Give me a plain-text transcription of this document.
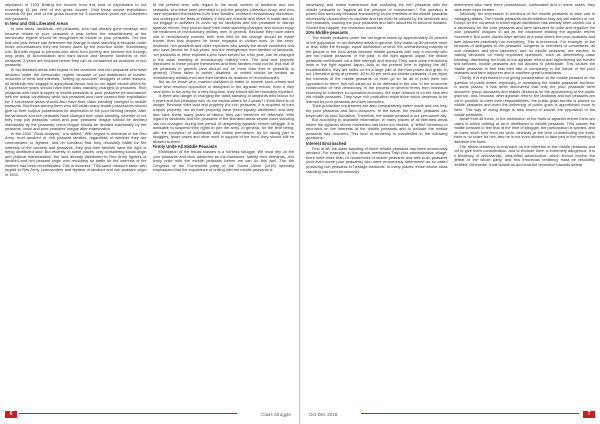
stipulation in 1933 limiting the income from this kind of exploitation to not exceeding 15 per cent of the gross income. Only those whose exploitation exceeds 25 per cent of the gross income for 3 successive years are considered rich peasants.

In New and Old Liberated Areas

In new areas, landlords, rich peasants, who had already gone bankrupt and become middle or poor peasants a year before the establishment of the democratic regime should be recognized as middle or poor peasants. The fact that one year before can determine the change in class standing is because under those circumstances they are forced down by the extortion under Kuomintang rule. But with regard to persons who climb from poverty and become rich through long years of accumulation and hard labour and become landlords or rich peasants, 3 years are required before they can be considered as landlords or rich peasants.

In old liberated areas with regard to the landlords and rich peasants who have declined under the democratic regime because of just distribution of burden, reduction of rents and interests, "setting up accounts" struggles or other reasons, all landlords who engage in agricultural labour and do not again exploit others for 5 successive years should have their class standing changed to peasants. Rich peasants who have dropped to middle-peasants or poor peasants (in accordance with the actual conditions) while rich peasants who have ceased their exploitation for 3 successive years should also have their class standing changed to middle peasants. But those among them who still retain many feudal possessions should give up their surplus possessions for distribution to the poor farming people. After the landlords and rich peasants have changed their class standing, whether or not they may join peasants' union and poor peasants' league should be decided individually by the peasants' union league should be decided individually by the peasants' union and poor peasants' league after examination.

In the 1933 "Class Analysis," it is stated: "With regard to elements in the Red Army, front landlord or rich peasant families, regardless of whether they are commanders or fighters, and on condition that they resolutely battle for the interests of the workers and peasants, they and their families have the right of being distributed land. But recently, in some places, only considering social origin and political manifestation, the land already distributed to Red Army fighters of landlord and rich peasant origin who resolutely do battle for the interests of the workers had been reconfiscated. This is incorrect." This same measure taken with regard to Red Army commanders and fighters of landlord and rich peasant origin in 1933.

At the present time, with regard to the small number of landlords and rich peasants, who have been permitted to join the peoples Liberation Army, and who have separated themselves from their families, received revolutionary education, and undergone the tests of battles: if they are resolute and brave in battle and do not engage in activities to cover up for landlords and rich peasants or disrupt agrarian reform, they should have their class standing changed, and should enjoy the treatment of revolutionary military men in general. Because they have taken part in revolutionary combat, their time limit for the change should be made shorter than that required for those engaged in civilian work. In the army, landlords, rich peasants and other exploiters who satisfy the above conditions and who have served for 3 full years, and the intelligentsia from families of landlords, rich peasants or other exploiters who have served for a full year, can be changed to the class standing of revolutionary military men. The land and property distributed to these people themselves and their families must not be less that of the peasants in general (and should not be more than that of peasants in general). Those fallen in action, disabled, or retired should be treated as revolutionary military men and their families as relatives of revolutionaries.

But as for those who, married via/taken in battle or commit such crimes and those who resorted opposition or disruption in the agrarian reform, even if they have been in the army for a very long time, they should still be resolutely expelled.

Is there any danger in changing the class standing of landlords who labour for 5 years and rich peasants who do not exploit others for 3 years? I think there is no danger. Because their land and property (for rich peasants, it is required of their surplus property, not all their property) have been equally distributed, and they also have these many years of labour, they can therefore be reformed. With regard to landlords and rich peasants in the liberated areas whose class standing has not changed, during this period of deepening agrarian reform struggle, it is advisable to suspend their rights to join the army. In general, for the time being, with the exception of individuals who obtain permission. As for taking part in struggles, fewer cases and other work in support of the front, they should still be allowed to them.

Firmly Unite All Middle Peasants

Elimination of the feudal classes is a ruthless struggle. We must rely on the poor peasants and farm labourers as the backbone, satisfy their demands, and firmly unite with the middle peasants before we can do this well. The 6th Congress of the Communist party of the Soviet Union (1919) specially emphasized that the importance of uniting with the middle peasants is

6	Class Struggle

necessary, and stated furthermore that confusing the rich peasants with the middle peasants is "against all the principle of communism." The question is posed thus seriously because encroaching on the interests of the middle peasants necessarily causes them to vacillate and can even be utilized by the landlords and rich peasants, causing the poor peasants and farm labourers to become isolated. Should this happen, the revolution would fail.

20% Middle peasants

The middle peasants under the old regime made up approximately 20 percent of the population. In old liberated areas in general, they made up 50 percent more or less. After the through, equal distribution of land, the overwhelming majority of the people in the rural areas become middle peasants with only a minority who are not middle peasants. In the past, in the fight against Japan, the middle peasants contributed not a little strength and money. They have done meritorious work in the fight against Japan. Also at the present time in fighting the 867 troublemakers, they are relied on for a large part of the man-power and grain. In our Liberation Army at present, 50 to 40 per cent are middle peasants. If we injure the interests of the middle peasants, or even go so far as to push them into opposition to them, this will cause us to be defeated in the war. In the economic construction of new democracy, in the process of several terms from individual economy to collective co-operative economy, the main reliance is on the new and old middle peasants. They have rich production experience which deserves to be learned by poor peasants and farm labourers.

Their production implements are also comparatively better made and can help the poor peasants and farm labourers. In the future, the middle peasants can travel with us onto Socialism. Therefore, the middle peasant is our permanent ally.

But according to available information, in many places of all liberated areas where the agrarian reform movement has been not modest, a "leftist" tendency to encroach on the interests of the middle peasants and to exclude the middle peasants has occurred. This kind of tendency is manifested in the following questions:

Interest Encroached

First of all, the class standing of some middle peasants has been erroneously decided. For example, in the above mentioned Taiyi-chiu administrative village, there were more than 10 households of middle peasants and well-to-do peasants (and even some poor peasants) who were erroneously determined as so called producing rich peasants or heritage landlords. In many places, those whose class standing has been erroneously

determined also have there possessions, confiscated and in some cases, they have even been beaten.

Secondly, the expression in elections of the middle peasants to take part in managing affairs. The middle peasants doubt whether they are still wanted or not. Except for the old areas in which equal distribution has already been carried out, it is necessary for the poor peasants and farm labourers to unite and organize the poor peasants' leagues to act as the backbone leading the agrarian reform movement. But some places have arrived at a state where the poor peasants and farm labourers practically run everything. This is erroneous. For example, in the elections of delegates to the peasants' congress or members of committees, all poor peasants and farm labourers, and no middle peasants, are elected. In making decisions on many important questions, such as determining class standing, distributing the fruits of the agrarian reform and apportioning tax burden and services, middle peasants are not allowed to participate. This causes the middle peasants to feel that their fate is completely in the hands of the poor peasants and farm labourers and is manifest great uneasiness.

Thirdly, it is expressed in not giving consideration to the middle peasant on the question of public duties, especially, in increasing the middle peasants' burdens. In some places, it has been discovered that only the poor peasants' farm labourers' group discusses and makes decisions on the apportioning of the public grain tax, and, because, after agrarian reform, the landlords and rich peasants are not in position to meet their responsibilities, the public grain burden is placed on middle peasants and even the delivering of public grain is apportioned more to them. This way of doing things is also bound to arouse the opposition of the middle peasants.

Aside from all these, in the distribution of the fruits of agrarian reform there are cases in which nothing at all is distributed to middle peasants. This causes the middle peasant to feel that at the time of struggle, the participation is wanted, and he loses much time from his work; whereas at the time of distributing the fruits, there is no share for him, and he is not even allowed to take part in the meeting to distribute the fruits.

The above tendency to encroach on the interests of the middle peasants and not to give them consideration, and to exclude them is extremely dangerous. It is a tendency of anti-Marxist, ultra-leftist adventurism, which should involve the defeat of the whole party, and this erroneous tendency must be resolutely rectified. Otherwise, it will isolate us and lead the revolution towards defeat.

Oct-Dec 2018	7
